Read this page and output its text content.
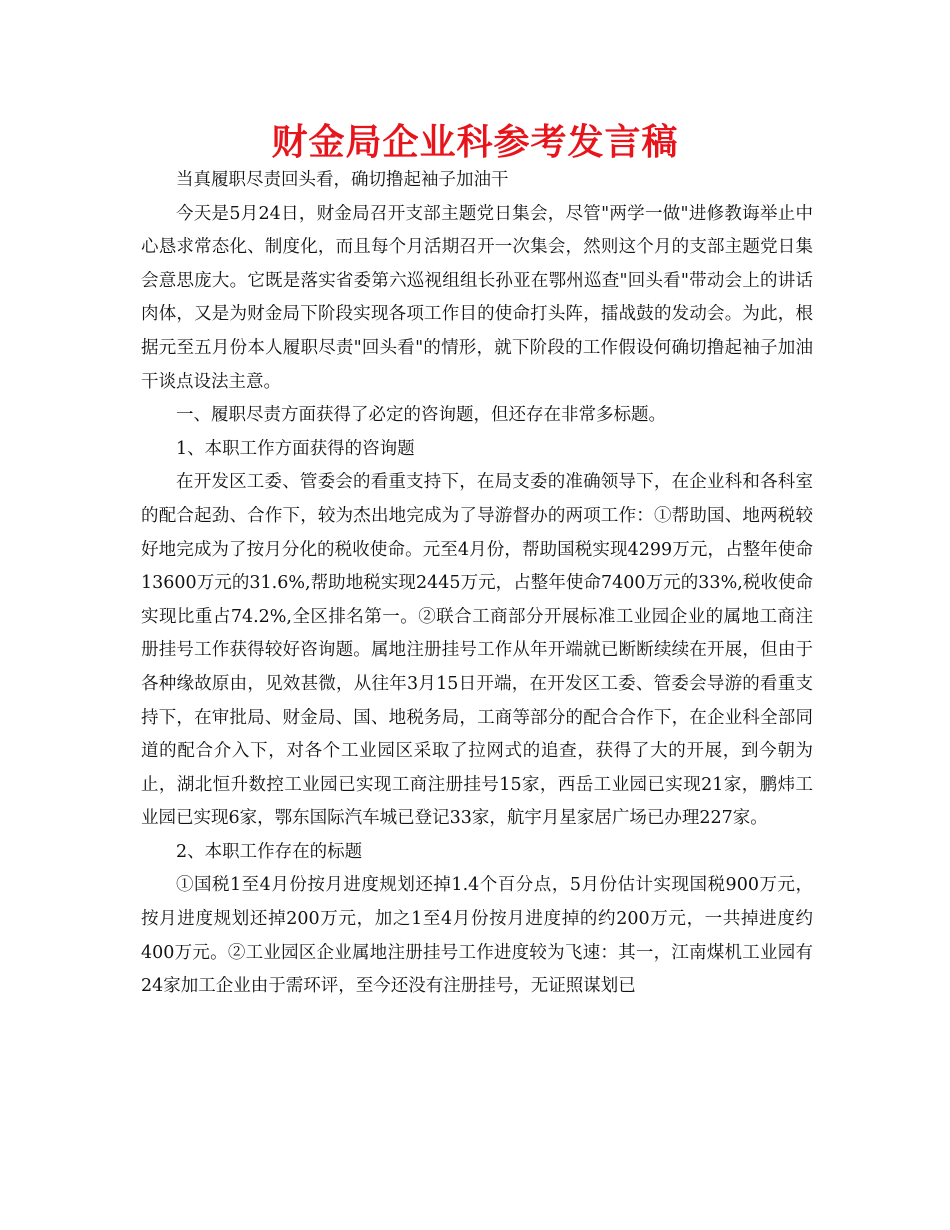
财金局企业科参考发言稿

当真履职尽责回头看，确切撸起袖子加油干

今天是5月24日，财金局召开支部主题党日集会，尽管"两学一做"进修教诲举止中心恳求常态化、制度化，而且每个月活期召开一次集会，然则这个月的支部主题党日集会意思庞大。它既是落实省委第六巡视组组长孙亚在鄂州巡查"回头看"带动会上的讲话肉体，又是为财金局下阶段实现各项工作目的使命打头阵，擂战鼓的发动会。为此，根据元至五月份本人履职尽责"回头看"的情形，就下阶段的工作假设何确切撸起袖子加油干谈点设法主意。

一、履职尽责方面获得了必定的咨询题，但还存在非常多标题。

1、本职工作方面获得的咨询题

在开发区工委、管委会的看重支持下，在局支委的准确领导下，在企业科和各科室的配合起劲、合作下，较为杰出地完成为了导游督办的两项工作：①帮助国、地两税较好地完成为了按月分化的税收使命。元至4月份，帮助国税实现4299万元，占整年使命13600万元的31.6%,帮助地税实现2445万元，占整年使命7400万元的33%,税收使命实现比重占74.2%,全区排名第一。②联合工商部分开展标准工业园企业的属地工商注册挂号工作获得较好咨询题。属地注册挂号工作从年开端就已断断续续在开展，但由于各种缘故原由，见效甚微，从往年3月15日开端，在开发区工委、管委会导游的看重支持下，在审批局、财金局、国、地税务局，工商等部分的配合合作下，在企业科全部同道的配合介入下，对各个工业园区采取了拉网式的追查，获得了大的开展，到今朝为止，湖北恒升数控工业园已实现工商注册挂号15家，西岳工业园已实现21家，鹏炜工业园已实现6家，鄂东国际汽车城已登记33家，航宇月星家居广场已办理227家。

2、本职工作存在的标题

①国税1至4月份按月进度规划还掉1.4个百分点，5月份估计实现国税900万元，按月进度规划还掉200万元，加之1至4月份按月进度掉的约200万元，一共掉进度约400万元。②工业园区企业属地注册挂号工作进度较为飞速：其一，江南煤机工业园有24家加工企业由于需环评，至今还没有注册挂号，无证照谋划已
